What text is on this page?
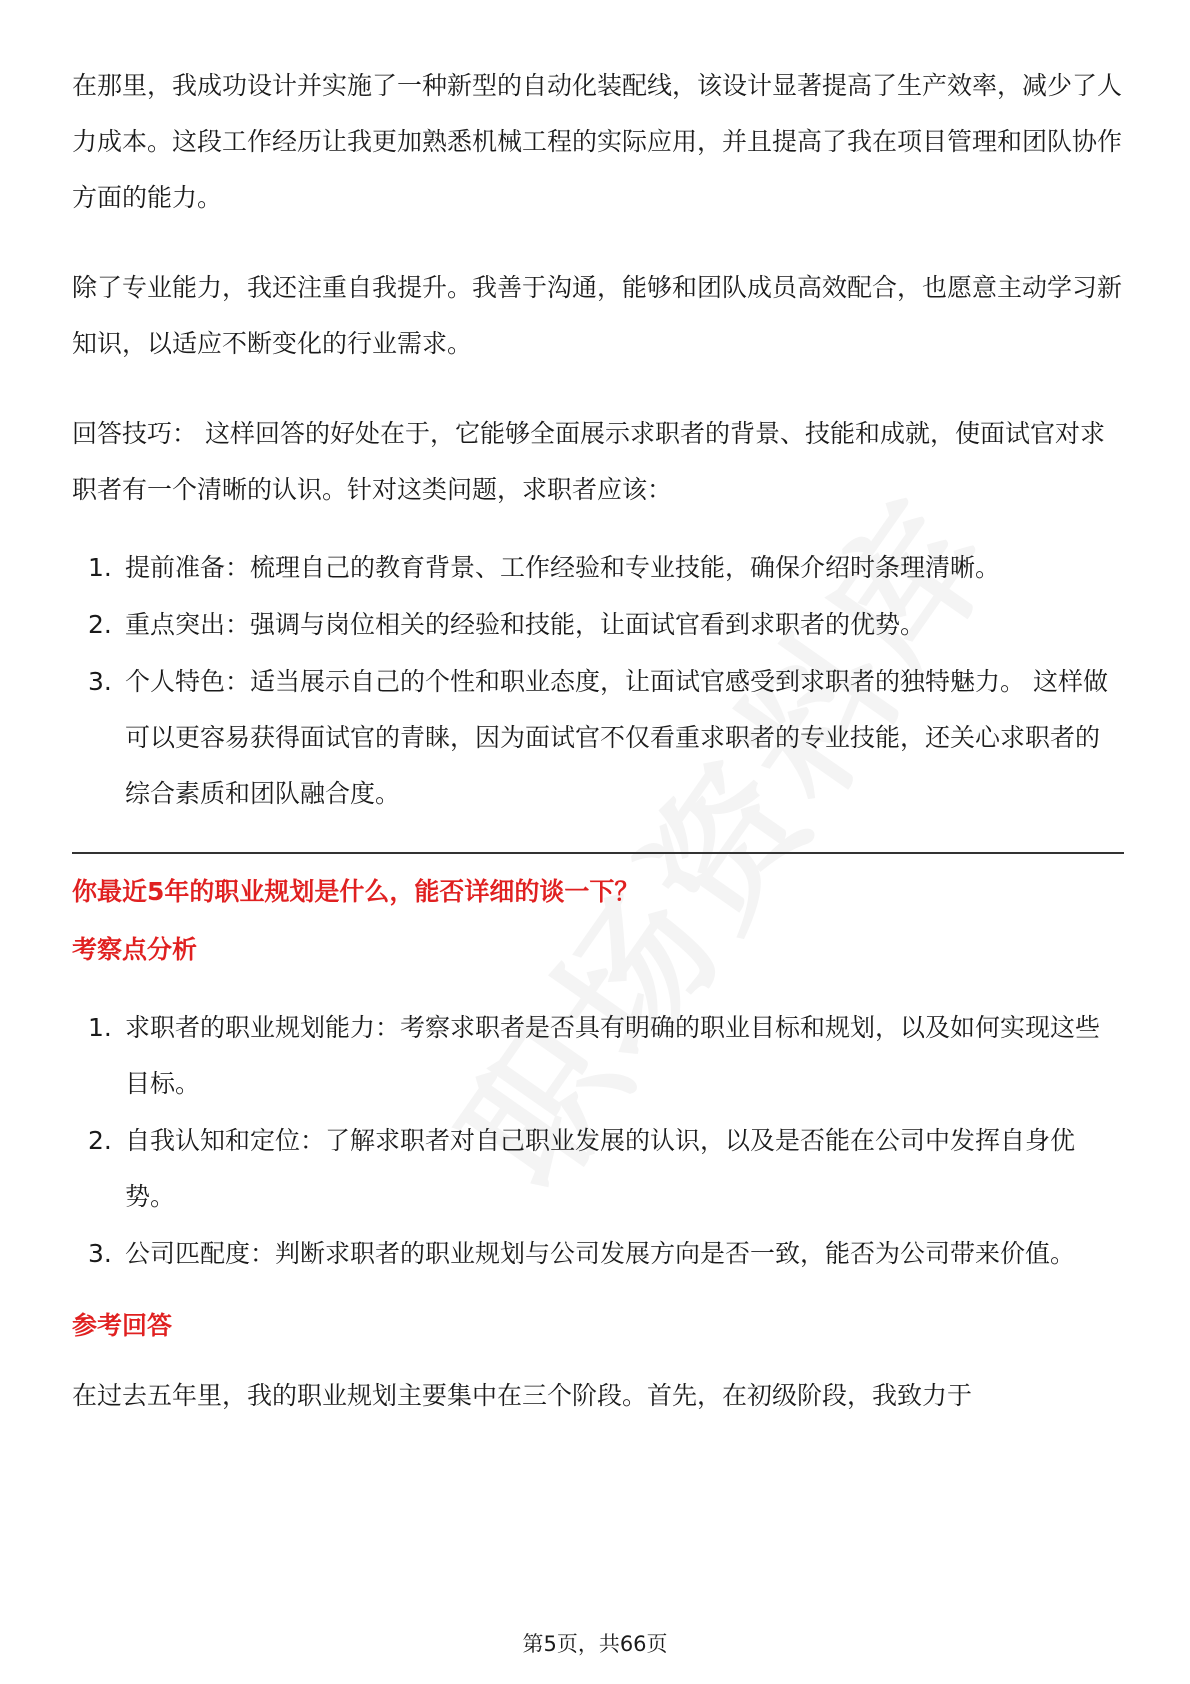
在那里，我成功设计并实施了一种新型的自动化装配线，该设计显著提高了生产效率，减少了人力成本。这段工作经历让我更加熟悉机械工程的实际应用，并且提高了我在项目管理和团队协作方面的能力。

除了专业能力，我还注重自我提升。我善于沟通，能够和团队成员高效配合，也愿意主动学习新知识，以适应不断变化的行业需求。

回答技巧： 这样回答的好处在于，它能够全面展示求职者的背景、技能和成就，使面试官对求职者有一个清晰的认识。针对这类问题，求职者应该：

1. 提前准备：梳理自己的教育背景、工作经验和专业技能，确保介绍时条理清晰。
2. 重点突出：强调与岗位相关的经验和技能，让面试官看到求职者的优势。
3. 个人特色：适当展示自己的个性和职业态度，让面试官感受到求职者的独特魅力。 这样做可以更容易获得面试官的青睐，因为面试官不仅看重求职者的专业技能，还关心求职者的综合素质和团队融合度。
你最近5年的职业规划是什么，能否详细的谈一下？
考察点分析
1. 求职者的职业规划能力：考察求职者是否具有明确的职业目标和规划，以及如何实现这些目标。
2. 自我认知和定位：了解求职者对自己职业发展的认识，以及是否能在公司中发挥自身优势。
3. 公司匹配度：判断求职者的职业规划与公司发展方向是否一致，能否为公司带来价值。
参考回答

在过去五年里，我的职业规划主要集中在三个阶段。首先，在初级阶段，我致力于

第5页，共66页
